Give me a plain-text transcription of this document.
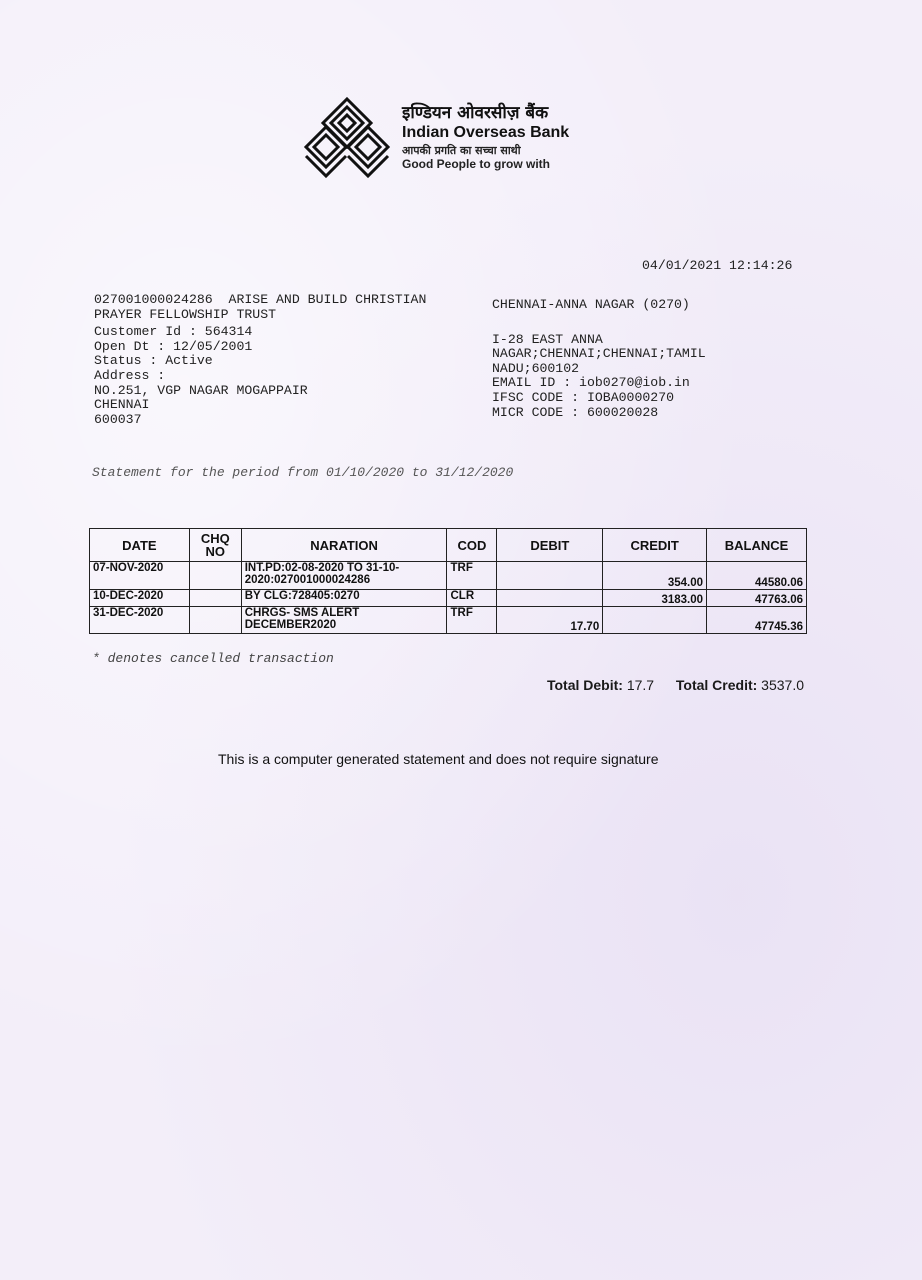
इण्डियन ओवरसीज़ बैंक
Indian Overseas Bank
आपकी प्रगति का सच्चा साथी
Good People to grow with
04/01/2021 12:14:26
027001000024286  ARISE AND BUILD CHRISTIAN PRAYER FELLOWSHIP TRUST
Customer Id : 564314
Open Dt : 12/05/2001
Status : Active
Address :
NO.251, VGP NAGAR MOGAPPAIR
CHENNAI
600037
CHENNAI-ANNA NAGAR (0270)
I-28 EAST ANNA NAGAR;CHENNAI;CHENNAI;TAMIL NADU;600102
EMAIL ID : iob0270@iob.in
IFSC CODE : IOBA0000270
MICR CODE : 600020028
Statement for the period from 01/10/2020 to 31/12/2020
DATE	CHQ NO	NARATION	COD	DEBIT	CREDIT	BALANCE
07-NOV-2020		INT.PD:02-08-2020 TO 31-10-2020:027001000024286	TRF		354.00	44580.06
10-DEC-2020		BY CLG:728405:0270	CLR		3183.00	47763.06
31-DEC-2020		CHRGS- SMS ALERT DECEMBER2020	TRF	17.70		47745.36
* denotes cancelled transaction
Total Debit: 17.7 Total Credit: 3537.0
This is a computer generated statement and does not require signature
